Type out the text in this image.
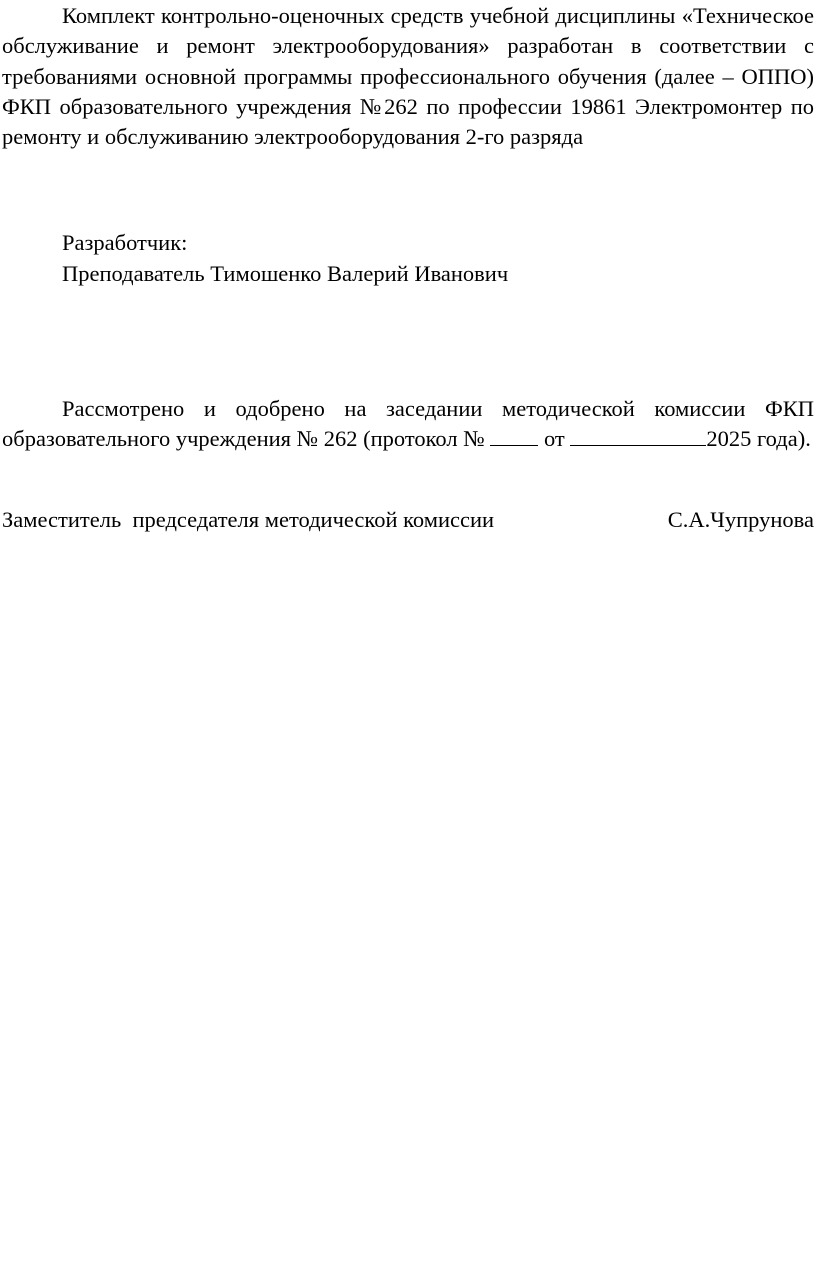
Комплект контрольно-оценочных средств учебной дисциплины «Техническое обслуживание и ремонт электрооборудования» разработан в соответствии с требованиями основной программы профессионального обучения (далее – ОППО) ФКП образовательного учреждения №262 по профессии 19861 Электромонтер по ремонту и обслуживанию электрооборудования 2-го разряда

Разработчик:
Преподаватель Тимошенко Валерий Иванович

Рассмотрено и одобрено на заседании методической комиссии ФКП образовательного учреждения № 262 (протокол №  от	2025 года).

Заместитель  председателя методической комиссии	С.А.Чупрунова
